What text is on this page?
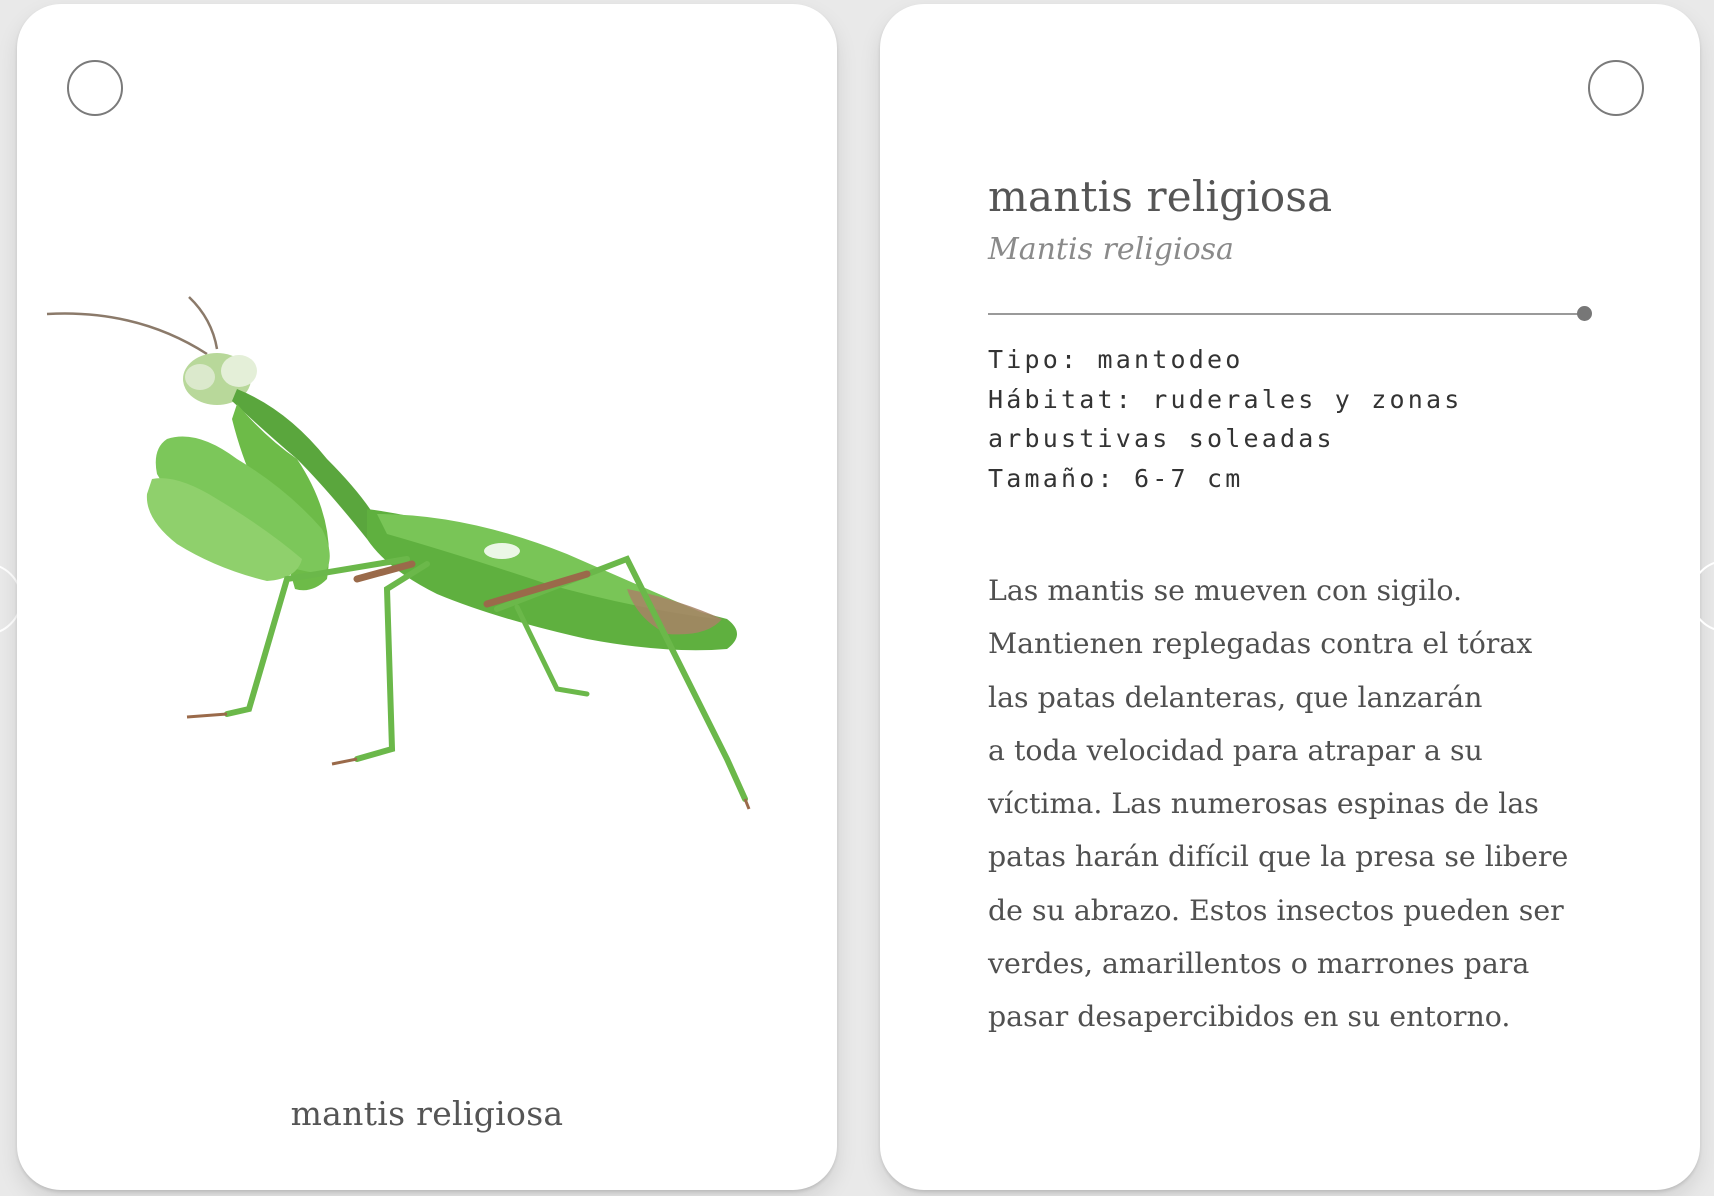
mantis religiosa
mantis religiosa
Mantis religiosa
Tipo: mantodeo
Hábitat: ruderales y zonas
arbustivas soleadas
Tamaño: 6-7 cm
Las mantis se mueven con sigilo.
Mantienen replegadas contra el tórax
las patas delanteras, que lanzarán
a toda velocidad para atrapar a su
víctima. Las numerosas espinas de las
patas harán difícil que la presa se libere
de su abrazo. Estos insectos pueden ser
verdes, amarillentos o marrones para
pasar desapercibidos en su entorno.
